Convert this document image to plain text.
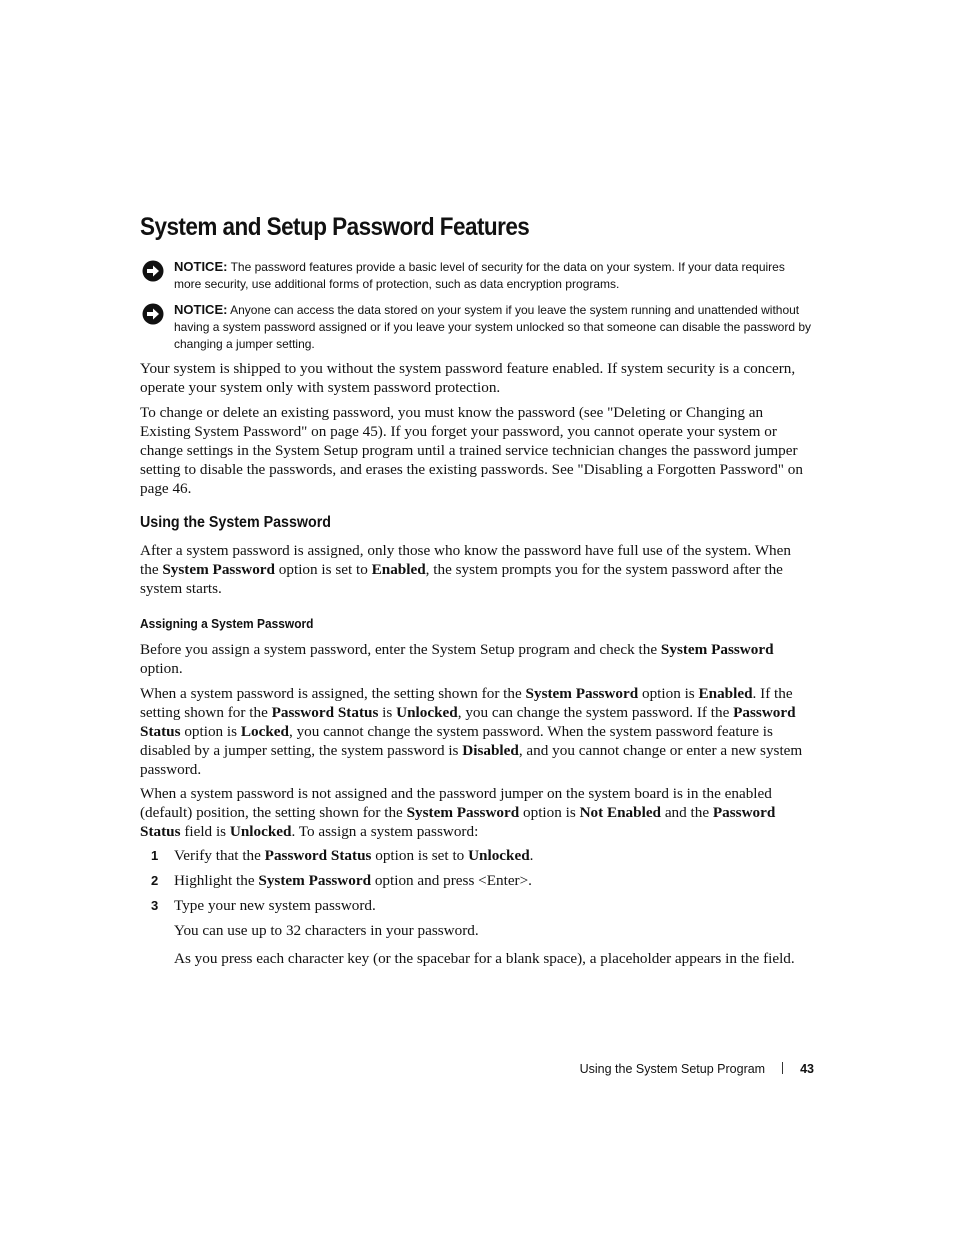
System and Setup Password Features
NOTICE: The password features provide a basic level of security for the data on your system. If your data requires more security, use additional forms of protection, such as data encryption programs.
NOTICE: Anyone can access the data stored on your system if you leave the system running and unattended without having a system password assigned or if you leave your system unlocked so that someone can disable the password by changing a jumper setting.

Your system is shipped to you without the system password feature enabled. If system security is a concern, operate your system only with system password protection.

To change or delete an existing password, you must know the password (see "Deleting or Changing an Existing System Password" on page 45). If you forget your password, you cannot operate your system or change settings in the System Setup program until a trained service technician changes the password jumper setting to disable the passwords, and erases the existing passwords. See "Disabling a Forgotten Password" on page 46.

Using the System Password

After a system password is assigned, only those who know the password have full use of the system. When the System Password option is set to Enabled, the system prompts you for the system password after the system starts.

Assigning a System Password

Before you assign a system password, enter the System Setup program and check the System Password option.

When a system password is assigned, the setting shown for the System Password option is Enabled. If the setting shown for the Password Status is Unlocked, you can change the system password. If the Password Status option is Locked, you cannot change the system password. When the system password feature is disabled by a jumper setting, the system password is Disabled, and you cannot change or enter a new system password.

When a system password is not assigned and the password jumper on the system board is in the enabled (default) position, the setting shown for the System Password option is Not Enabled and the Password Status field is Unlocked. To assign a system password:

1 Verify that the Password Status option is set to Unlocked.
2 Highlight the System Password option and press <Enter>.
3 Type your new system password.

You can use up to 32 characters in your password.

As you press each character key (or the spacebar for a blank space), a placeholder appears in the field.

Using the System Setup Program	43
